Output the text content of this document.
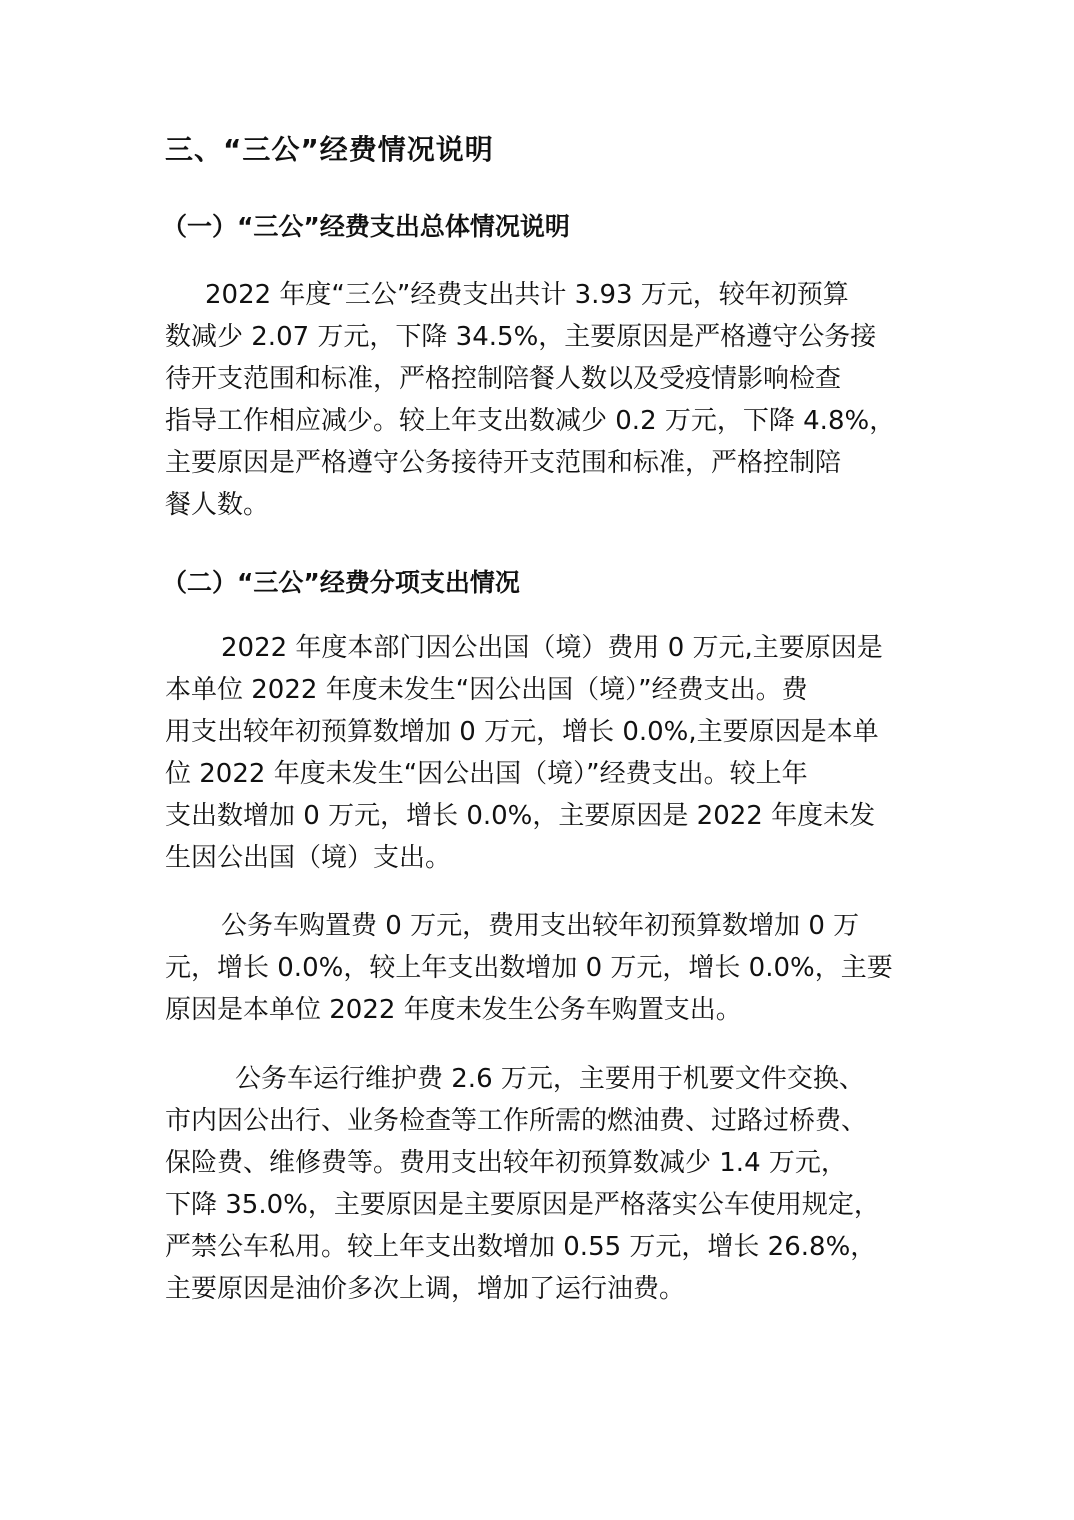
三、“三公”经费情况说明
（一）“三公”经费支出总体情况说明
2022 年度“三公”经费支出共计 3.93 万元，较年初预算
数减少 2.07 万元，下降 34.5%，主要原因是严格遵守公务接
待开支范围和标准，严格控制陪餐人数以及受疫情影响检查
指导工作相应减少。较上年支出数减少 0.2 万元，下降 4.8%，
主要原因是严格遵守公务接待开支范围和标准，严格控制陪
餐人数。
（二）“三公”经费分项支出情况
2022 年度本部门因公出国（境）费用 0 万元,主要原因是
本单位 2022 年度未发生“因公出国（境）”经费支出。费
用支出较年初预算数增加 0 万元，增长 0.0%,主要原因是本单
位 2022 年度未发生“因公出国（境）”经费支出。较上年
支出数增加 0 万元，增长 0.0%，主要原因是 2022 年度未发
生因公出国（境）支出。
公务车购置费 0 万元，费用支出较年初预算数增加 0 万
元，增长 0.0%，较上年支出数增加 0 万元，增长 0.0%，主要
原因是本单位 2022 年度未发生公务车购置支出。
公务车运行维护费 2.6 万元，主要用于机要文件交换、
市内因公出行、业务检查等工作所需的燃油费、过路过桥费、
保险费、维修费等。费用支出较年初预算数减少 1.4 万元，
下降 35.0%，主要原因是主要原因是严格落实公车使用规定，
严禁公车私用。较上年支出数增加 0.55 万元，增长 26.8%，
主要原因是油价多次上调，增加了运行油费。
